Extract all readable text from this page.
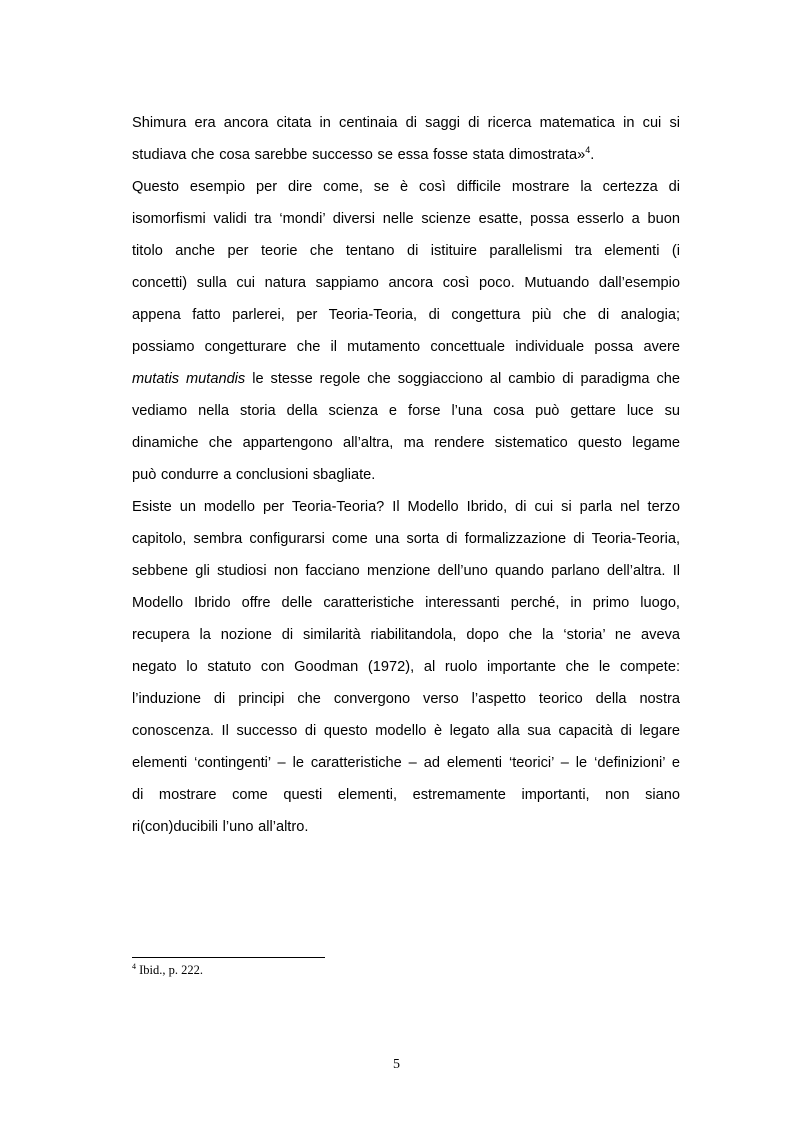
Shimura era ancora citata in centinaia di saggi di ricerca matematica in cui si
studiava che cosa sarebbe successo se essa fosse stata dimostrata»$^4$.
Questo esempio per dire come, se è così difficile mostrare la certezza di
isomorfismi validi tra ‘mondi’ diversi nelle scienze esatte, possa esserlo a buon
titolo anche per teorie che tentano di istituire parallelismi tra elementi (i
concetti) sulla cui natura sappiamo ancora così poco. Mutuando dall’esempio
appena fatto parlerei, per Teoria-Teoria, di congettura più che di analogia;
possiamo congetturare che il mutamento concettuale individuale possa avere
mutatis mutandis le stesse regole che soggiacciono al cambio di paradigma che
vediamo nella storia della scienza e forse l’una cosa può gettare luce su
dinamiche che appartengono all’altra, ma rendere sistematico questo legame
può condurre a conclusioni sbagliate.
Esiste un modello per Teoria-Teoria? Il Modello Ibrido, di cui si parla nel terzo
capitolo, sembra configurarsi come una sorta di formalizzazione di Teoria-Teoria,
sebbene gli studiosi non facciano menzione dell’uno quando parlano dell’altra. Il
Modello Ibrido offre delle caratteristiche interessanti perché, in primo luogo,
recupera la nozione di similarità riabilitandola, dopo che la ‘storia’ ne aveva
negato lo statuto con Goodman (1972), al ruolo importante che le compete:
l’induzione di principi che convergono verso l’aspetto teorico della nostra
conoscenza. Il successo di questo modello è legato alla sua capacità di legare
elementi ‘contingenti’ – le caratteristiche – ad elementi ‘teorici’ – le ‘definizioni’ e
di mostrare come questi elementi, estremamente importanti, non siano
ri(con)ducibili l’uno all’altro.
$^4$ Ibid., p. 222.
5
